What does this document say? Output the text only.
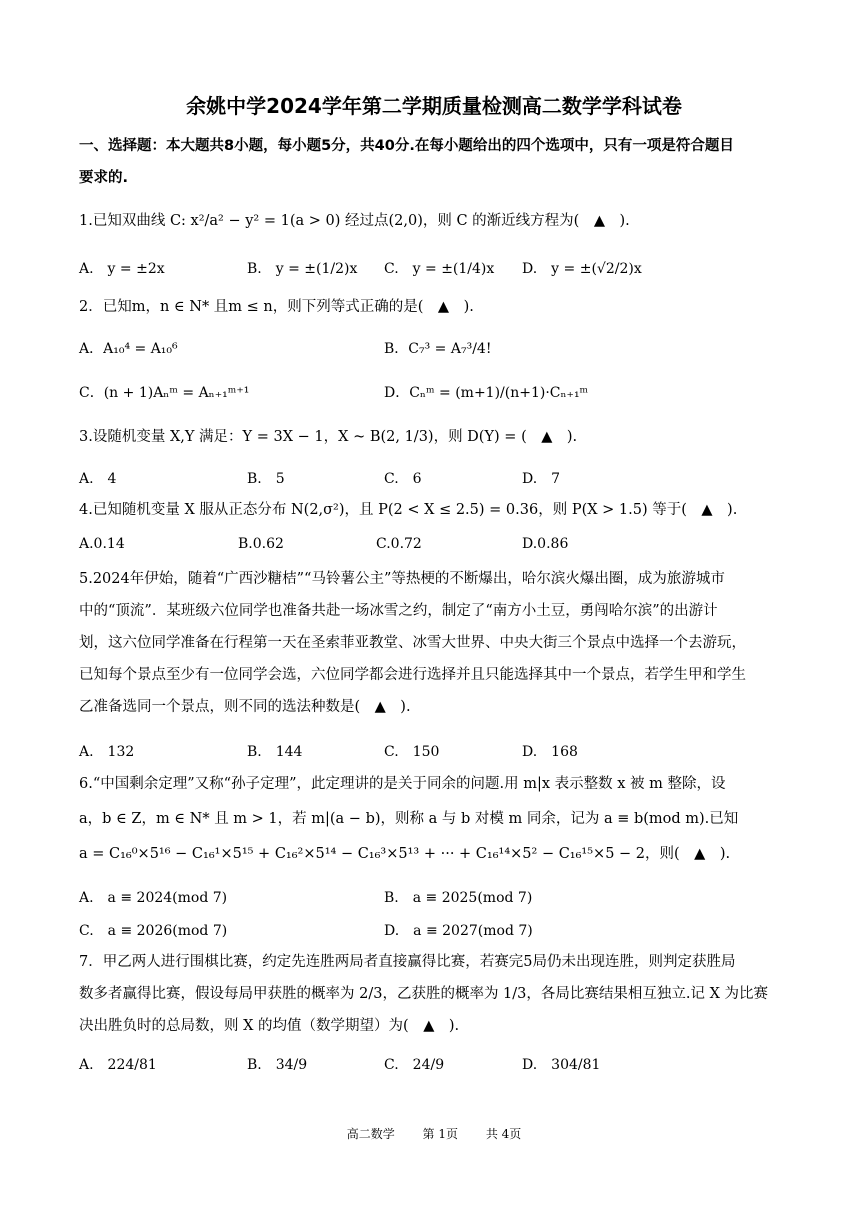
余姚中学2024学年第二学期质量检测高二数学学科试卷
一、选择题：本大题共8小题，每小题5分，共40分.在每小题给出的四个选项中，只有一项是符合题目
要求的.
1.已知双曲线 C: x²/a² − y² = 1(a > 0) 经过点(2,0)，则 C 的渐近线方程为(　▲　).
A.　y = ±2x	B.　y = ±(1/2)x C.　y = ±(1/4)x D.　y = ±(√2/2)x
2．已知m，n ∈ N* 且m ≤ n，则下列等式正确的是(　▲　).
A．A₁₀⁴ = A₁₀⁶	B．C₇³ = A₇³/4!
C．(n + 1)Aₙᵐ = Aₙ₊₁ᵐ⁺¹	D．Cₙᵐ = (m+1)/(n+1)·Cₙ₊₁ᵐ
3.设随机变量 X,Y 满足：Y = 3X − 1，X ~ B(2, 1/3)，则 D(Y) = (　▲　).
A.　4	B.　5	C.　6	D.　7
4.已知随机变量 X 服从正态分布 N(2,σ²)，且 P(2 < X ≤ 2.5) = 0.36，则 P(X > 1.5) 等于(　▲　).
A.0.14	B.0.62	C.0.72	D.0.86
5.2024年伊始，随着“广西沙糖桔”“马铃薯公主”等热梗的不断爆出，哈尔滨火爆出圈，成为旅游城市
中的“顶流”．某班级六位同学也准备共赴一场冰雪之约，制定了“南方小土豆，勇闯哈尔滨”的出游计
划，这六位同学准备在行程第一天在圣索菲亚教堂、冰雪大世界、中央大街三个景点中选择一个去游玩，
已知每个景点至少有一位同学会选，六位同学都会进行选择并且只能选择其中一个景点，若学生甲和学生
乙准备选同一个景点，则不同的选法种数是(　▲　).
A.　132	B.　144	C.　150	D.　168
6.“中国剩余定理”又称“孙子定理”，此定理讲的是关于同余的问题.用 m|x 表示整数 x 被 m 整除，设
a，b ∈ Z，m ∈ N* 且 m > 1，若 m|(a − b)，则称 a 与 b 对模 m 同余，记为 a ≡ b(mod m).已知
a = C₁₆⁰×5¹⁶ − C₁₆¹×5¹⁵ + C₁₆²×5¹⁴ − C₁₆³×5¹³ + ··· + C₁₆¹⁴×5² − C₁₆¹⁵×5 − 2，则(　▲　).
A.　a ≡ 2024(mod 7)	B.　a ≡ 2025(mod 7)
C.　a ≡ 2026(mod 7)	D.　a ≡ 2027(mod 7)
7．甲乙两人进行围棋比赛，约定先连胜两局者直接赢得比赛，若赛完5局仍未出现连胜，则判定获胜局
数多者赢得比赛，假设每局甲获胜的概率为 2/3，乙获胜的概率为 1/3，各局比赛结果相互独立.记 X 为比赛
决出胜负时的总局数，则 X 的均值（数学期望）为(　▲　).
A.　224/81	B.　34/9	C.　24/9	D.　304/81
高二数学 第 1页 共 4页
